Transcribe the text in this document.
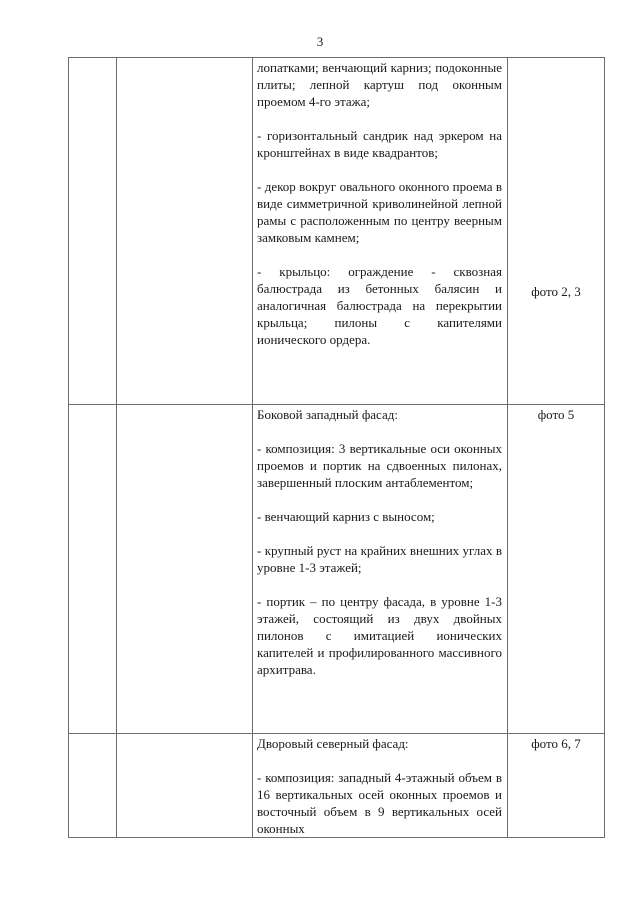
3

		лопатками; венчающий карниз; подоконные плиты; лепной картуш под оконным проемом 4-го этажа;

- горизонтальный сандрик над эркером на кронштейнах в виде квадрантов;

- декор вокруг овального оконного проема в виде симметричной криволинейной лепной рамы с расположенным по центру веерным замковым камнем;

- крыльцо: ограждение - сквозная балюстрада из бетонных балясин и аналогичная балюстрада на перекрытии крыльца; пилоны с капителями ионического ордера.	фото 2, 3

		Боковой западный фасад:

- композиция: 3 вертикальные оси оконных проемов и портик на сдвоенных пилонах, завершенный плоским антаблементом;

- венчающий карниз с выносом;

- крупный руст на крайних внешних углах в уровне 1-3 этажей;

- портик – по центру фасада, в уровне 1-3 этажей, состоящий из двух двойных пилонов с имитацией ионических капителей и профилированного массивного архитрава.	фото 5

		Дворовый северный фасад:

- композиция: западный 4-этажный объем в 16 вертикальных осей оконных проемов и восточный объем в 9 вертикальных осей оконных	фото 6, 7
